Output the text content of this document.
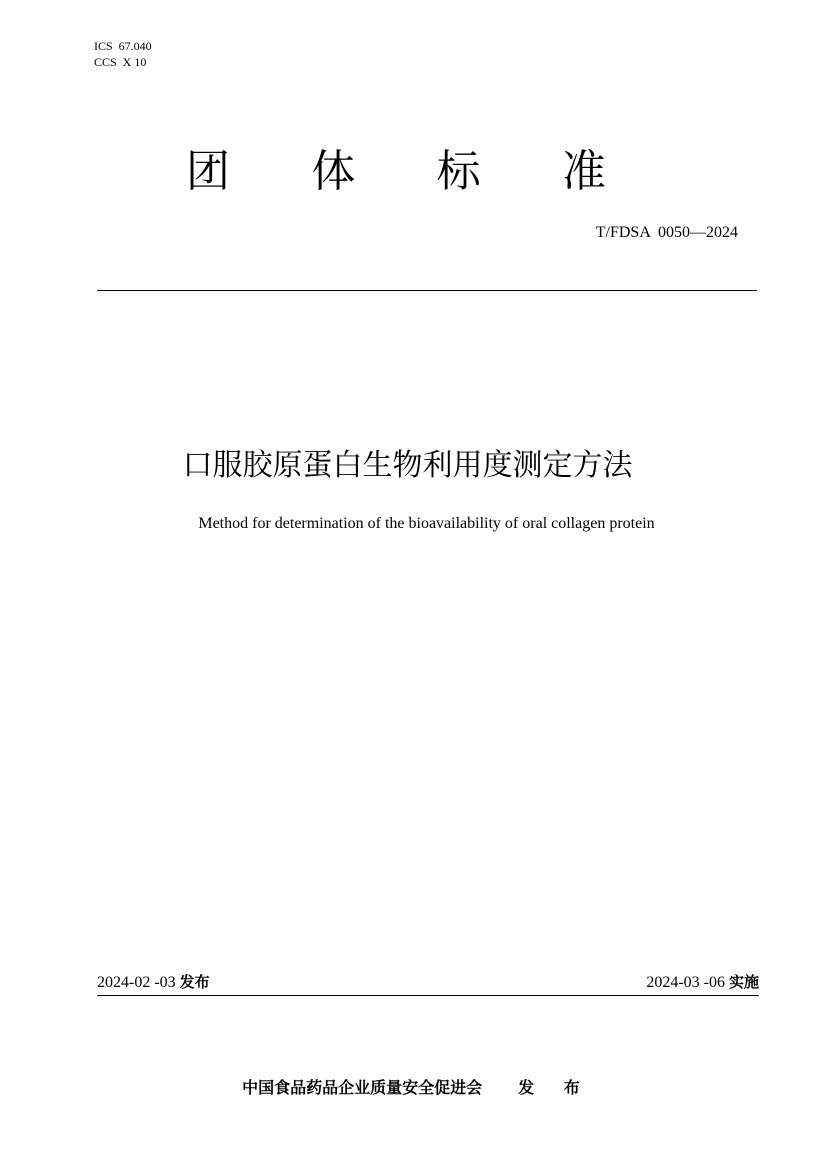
ICS  67.040
CCS  X 10
团 体 标 准
T/FDSA  0050—2024
口服胶原蛋白生物利用度测定方法
Method for determination of the bioavailability of oral collagen protein
2024-02 -03 发布	2024-03 -06 实施

中国食品药品企业质量安全促进会 发 布
